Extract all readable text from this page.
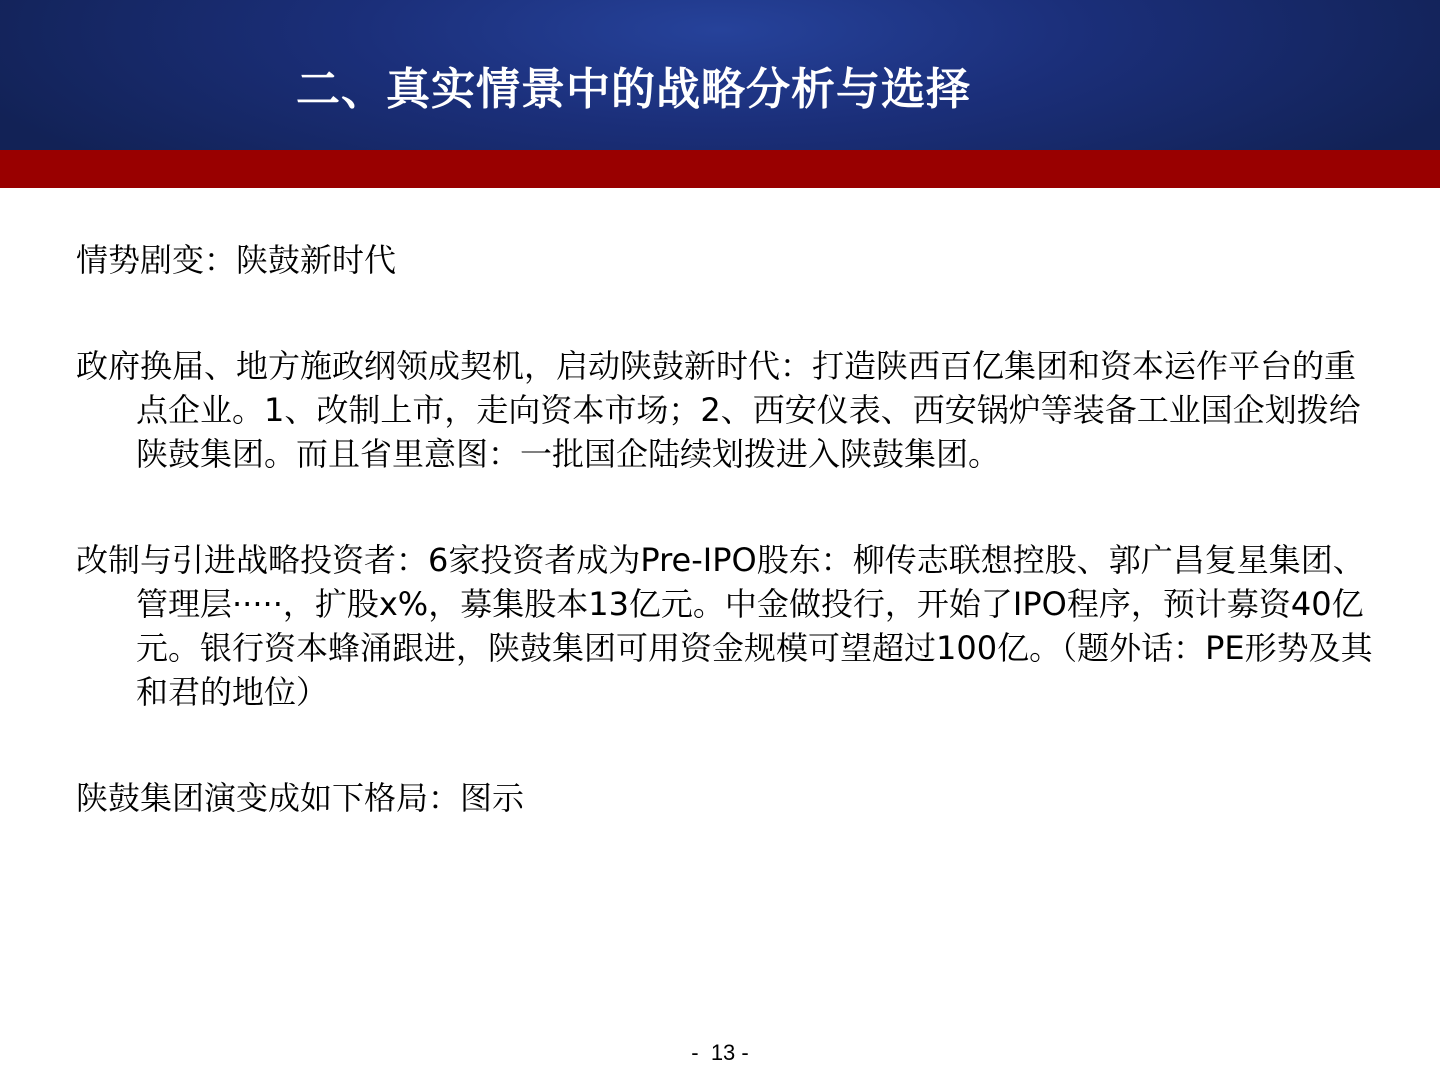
二、真实情景中的战略分析与选择

情势剧变：陕鼓新时代

政府换届、地方施政纲领成契机，启动陕鼓新时代：打造陕西百亿集团和资本运作平台的重点企业。1、改制上市，走向资本市场；2、西安仪表、西安锅炉等装备工业国企划拨给陕鼓集团。而且省里意图：一批国企陆续划拨进入陕鼓集团。

改制与引进战略投资者：6家投资者成为Pre-IPO股东：柳传志联想控股、郭广昌复星集团、管理层·····，扩股x%，募集股本13亿元。中金做投行，开始了IPO程序，预计募资40亿元。银行资本蜂涌跟进，陕鼓集团可用资金规模可望超过100亿。（题外话：PE形势及其和君的地位）

陕鼓集团演变成如下格局：图示

-  13 -
